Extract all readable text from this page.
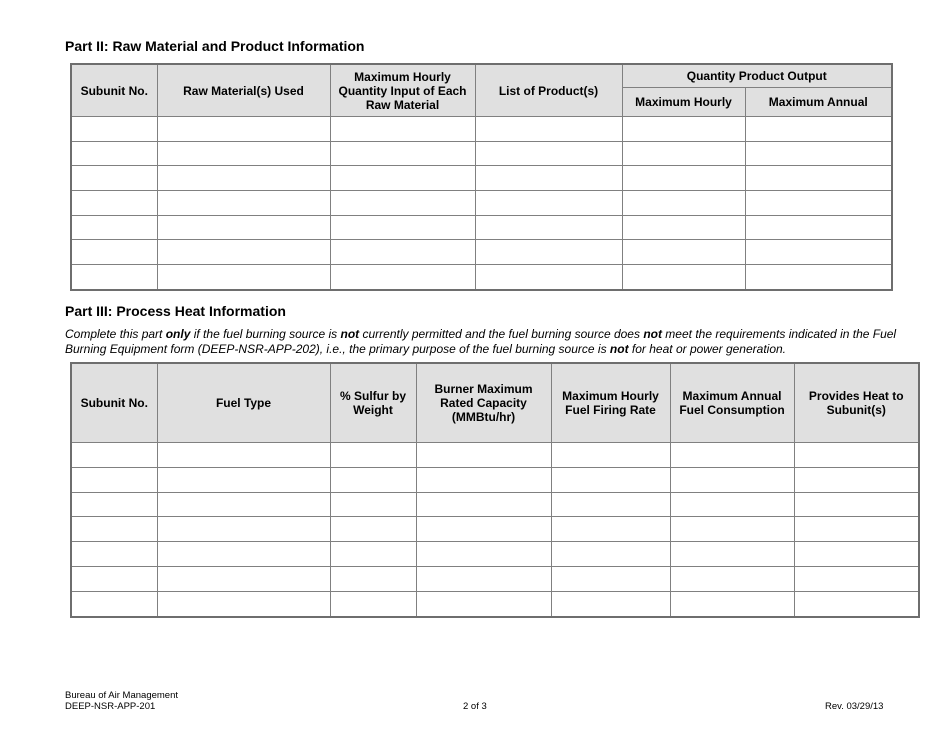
Part II: Raw Material and Product Information
Subunit No.	Raw Material(s) Used	Maximum Hourly Quantity Input of Each Raw Material	List of Product(s)	Quantity Product Output	
				Maximum Hourly	Maximum Annual

Part III: Process Heat Information

Complete this part only if the fuel burning source is not currently permitted and the fuel burning source does not meet the requirements indicated in the Fuel Burning Equipment form (DEEP-NSR-APP-202), i.e., the primary purpose of the fuel burning source is not for heat or power generation.

Subunit No.	Fuel Type	% Sulfur by Weight	Burner Maximum Rated Capacity (MMBtu/hr)	Maximum Hourly Fuel Firing Rate	Maximum Annual Fuel Consumption	Provides Heat to Subunit(s)

Bureau of Air Management
DEEP-NSR-APP-201	2 of 3	Rev. 03/29/13
